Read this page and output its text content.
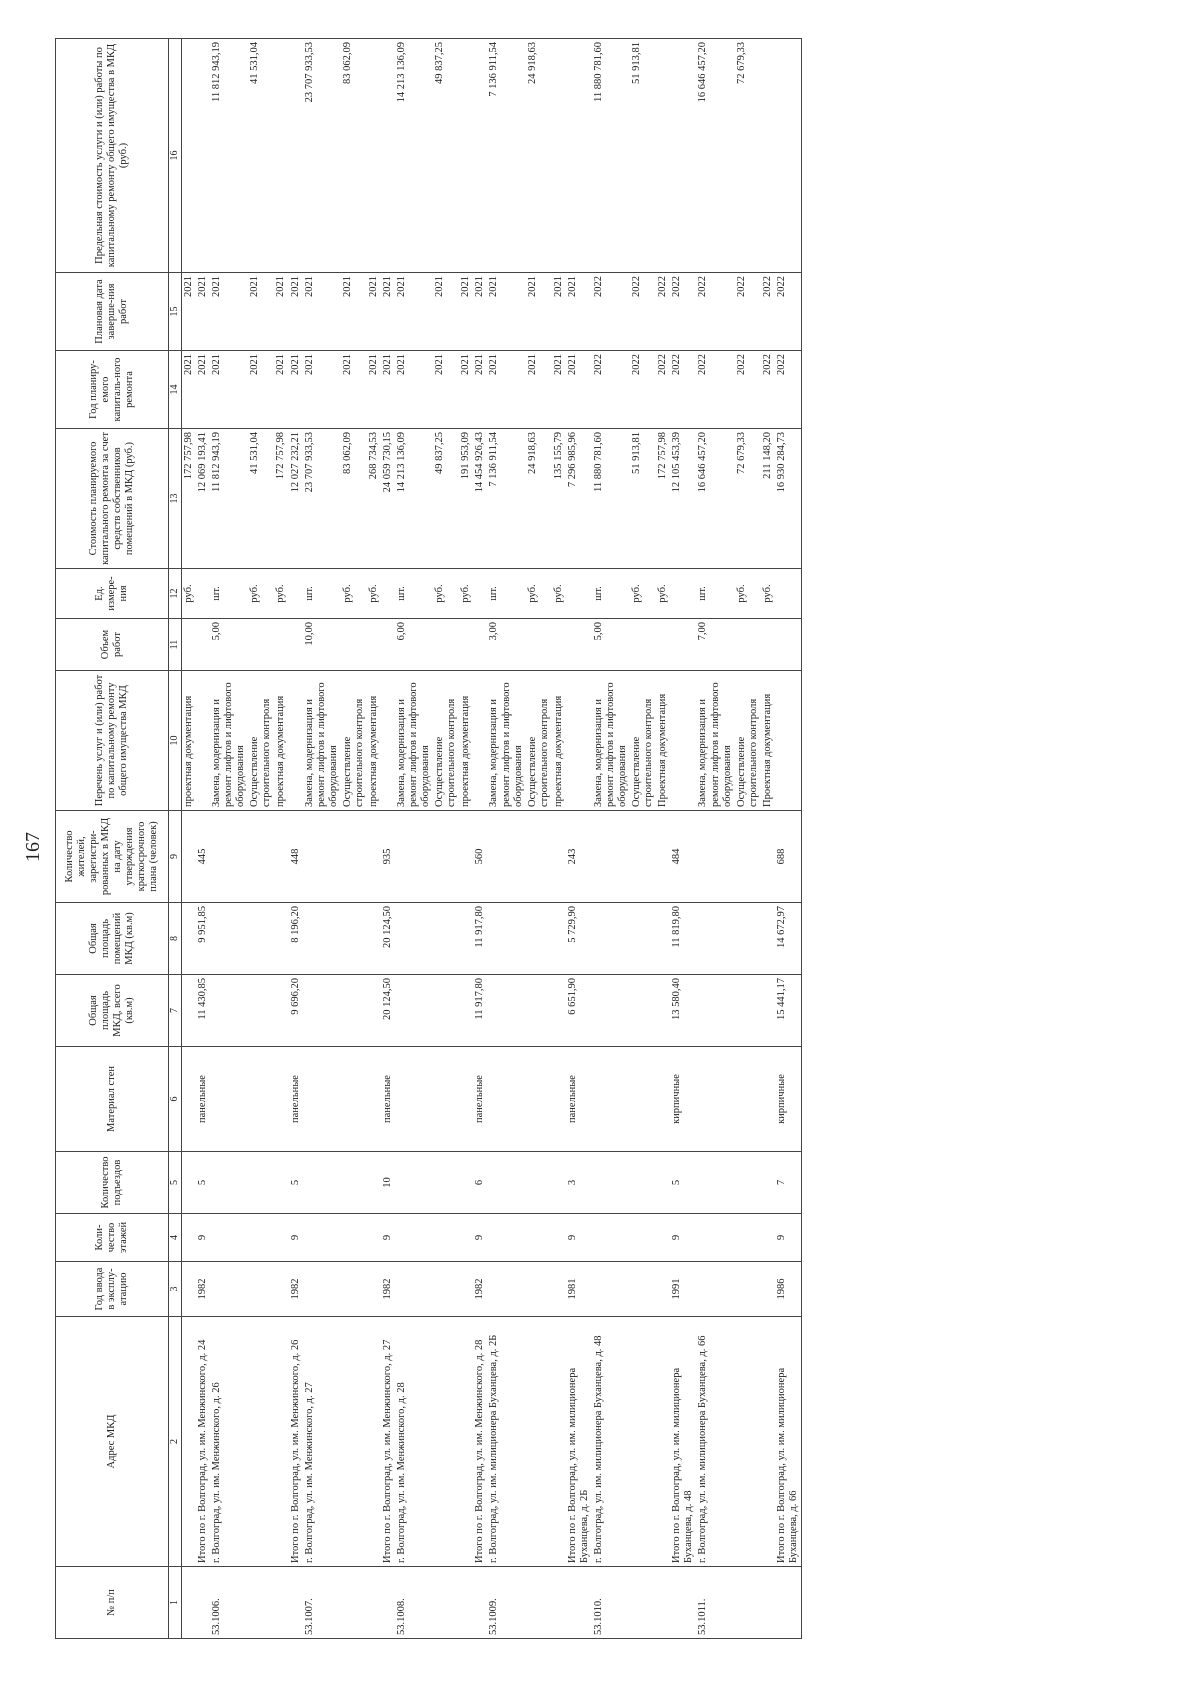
167
№ п/п	Адрес МКД	Год ввода в эксплу-атацию	Коли-чество этажей	Количество подъездов	Материал стен	Общая площадь МКД, всего (кв.м)	Общая площадь помещений МКД (кв.м)	Количество жителей, зарегистри-рованных в МКД на дату утверждения краткосрочного плана (человек)	Перечень услуг и (или) работ по капитальному ремонту общего имущества МКД	Объем работ	Ед. измере-ния	Стоимость планируемого капитального ремонта за счет средств собственников помещений в МКД (руб.)	Год планиру-емого капиталь-ного ремонта	Плановая дата заверше-ния работ	Предельная стоимость услуги и (или) работы по капитальному ремонту общего имущества в МКД (руб.)
1	2	3	4	5	6	7	8	9	10	11	12	13	14	15	16
									проектная документация		руб.	172 757,98	2021	2021	
	Итого по г. Волгоград, ул. им. Менжинского, д. 24	1982	9	5	панельные	11 430,85	9 951,85	445				12 069 193,41	2021	2021	
53.1006.	г. Волгоград, ул. им. Менжинского, д. 26								Замена, модернизация и ремонт лифтов и лифтового оборудования	5,00	шт.	11 812 943,19	2021	2021	11 812 943,19
									Осуществление строительного контроля		руб.	41 531,04	2021	2021	41 531,04
									проектная документация		руб.	172 757,98	2021	2021	
	Итого по г. Волгоград, ул. им. Менжинского, д. 26	1982	9	5	панельные	9 696,20	8 196,20	448				12 027 232,21	2021	2021	
53.1007.	г. Волгоград, ул. им. Менжинского, д. 27								Замена, модернизация и ремонт лифтов и лифтового оборудования	10,00	шт.	23 707 933,53	2021	2021	23 707 933,53
									Осуществление строительного контроля		руб.	83 062,09	2021	2021	83 062,09
									проектная документация		руб.	268 734,53	2021	2021	
	Итого по г. Волгоград, ул. им. Менжинского, д. 27	1982	9	10	панельные	20 124,50	20 124,50	935				24 059 730,15	2021	2021	
53.1008.	г. Волгоград, ул. им. Менжинского, д. 28								Замена, модернизация и ремонт лифтов и лифтового оборудования	6,00	шт.	14 213 136,09	2021	2021	14 213 136,09
									Осуществление строительного контроля		руб.	49 837,25	2021	2021	49 837,25
									проектная документация		руб.	191 953,09	2021	2021	
	Итого по г. Волгоград, ул. им. Менжинского, д. 28	1982	9	6	панельные	11 917,80	11 917,80	560				14 454 926,43	2021	2021	
53.1009.	г. Волгоград, ул. им. милиционера Буханцева, д. 2Б								Замена, модернизация и ремонт лифтов и лифтового оборудования	3,00	шт.	7 136 911,54	2021	2021	7 136 911,54
									Осуществление строительного контроля		руб.	24 918,63	2021	2021	24 918,63
									проектная документация		руб.	135 155,79	2021	2021	
	Итого по г. Волгоград, ул. им. милиционера Буханцева, д. 2Б	1981	9	3	панельные	6 651,90	5 729,90	243				7 296 985,96	2021	2021	
53.1010.	г. Волгоград, ул. им. милиционера Буханцева, д. 48								Замена, модернизация и ремонт лифтов и лифтового оборудования	5,00	шт.	11 880 781,60	2022	2022	11 880 781,60
									Осуществление строительного контроля		руб.	51 913,81	2022	2022	51 913,81
									Проектная документация		руб.	172 757,98	2022	2022	
	Итого по г. Волгоград, ул. им. милиционера Буханцева, д. 48	1991	9	5	кирпичные	13 580,40	11 819,80	484				12 105 453,39	2022	2022	
53.1011.	г. Волгоград, ул. им. милиционера Буханцева, д. 66								Замена, модернизация и ремонт лифтов и лифтового оборудования	7,00	шт.	16 646 457,20	2022	2022	16 646 457,20
									Осуществление строительного контроля		руб.	72 679,33	2022	2022	72 679,33
									Проектная документация		руб.	211 148,20	2022	2022	
	Итого по г. Волгоград, ул. им. милиционера Буханцева, д. 66	1986	9	7	кирпичные	15 441,17	14 672,97	688				16 930 284,73	2022	2022	
